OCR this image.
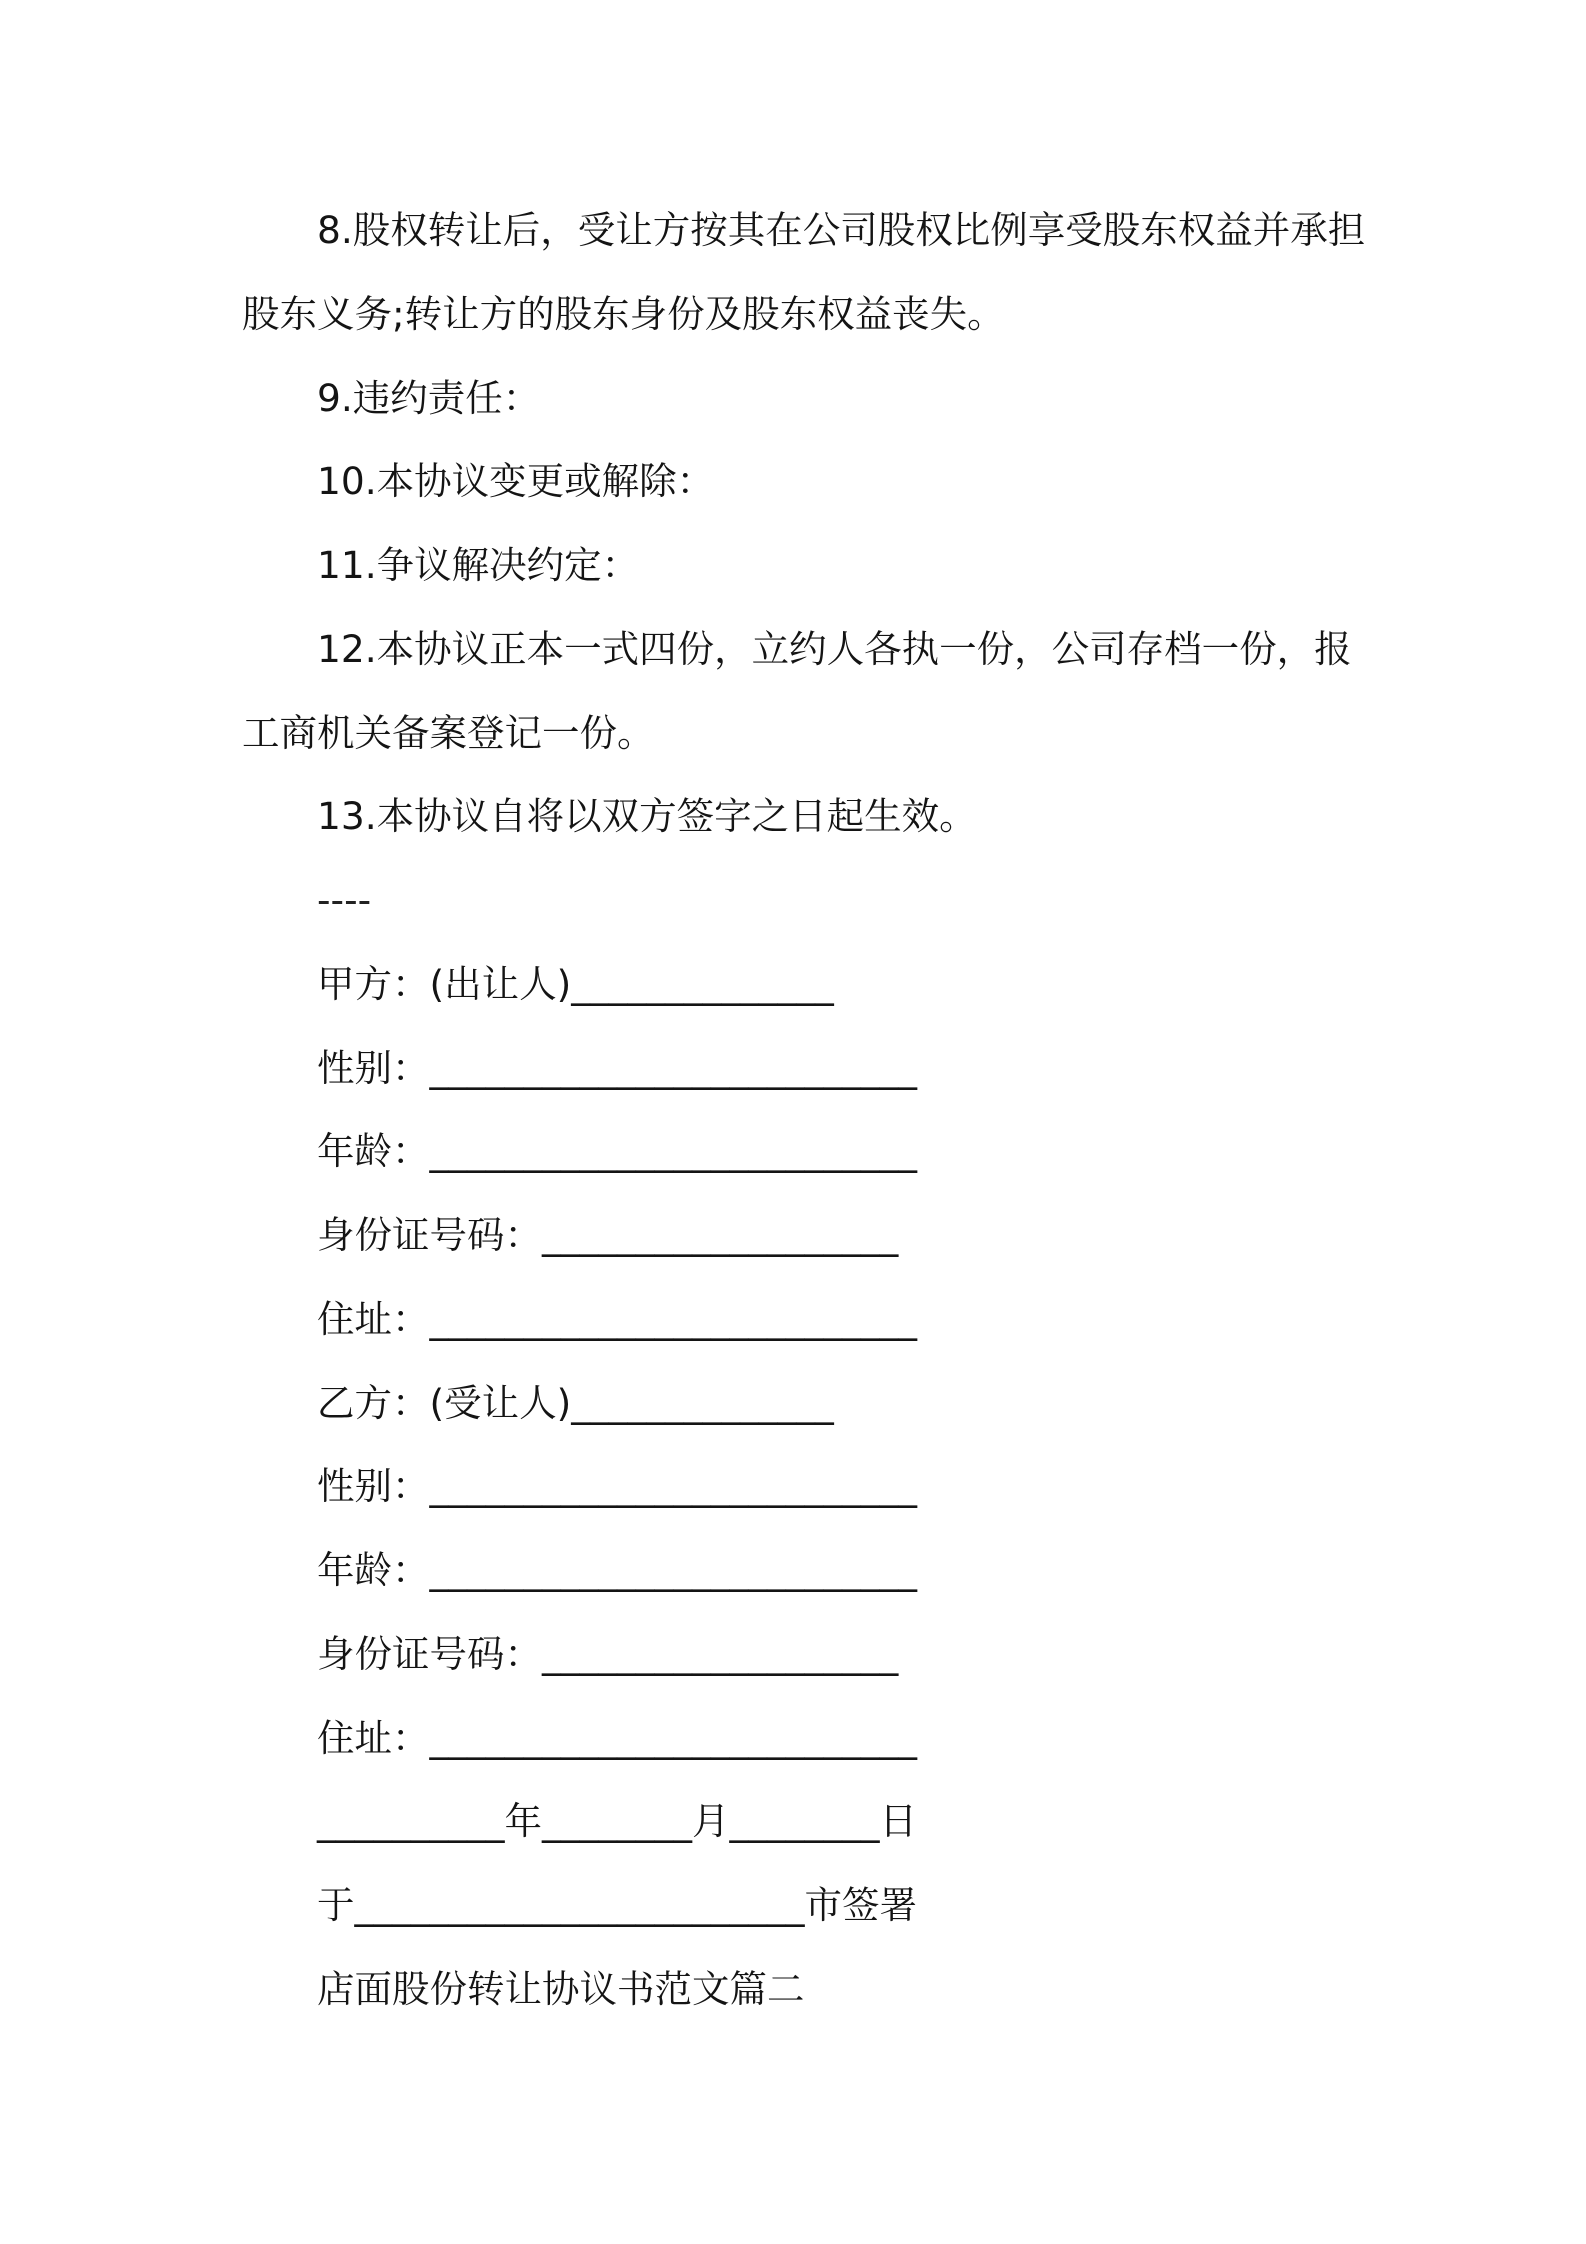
8.股权转让后，受让方按其在公司股权比例享受股东权益并承担
股东义务;转让方的股东身份及股东权益丧失。
9.违约责任：
10.本协议变更或解除：
11.争议解决约定：
12.本协议正本一式四份，立约人各执一份，公司存档一份，报
工商机关备案登记一份。
13.本协议自将以双方签字之日起生效。
----
甲方： (出让人) ______________
性别： __________________________
年龄： __________________________
身份证号码： ___________________
住址： __________________________
乙方： (受让人) ______________
性别： __________________________
年龄： __________________________
身份证号码： ___________________
住址： __________________________
__________ 年 ________ 月 ________ 日
于 ________________________ 市签署
店面股份转让协议书范文篇二
